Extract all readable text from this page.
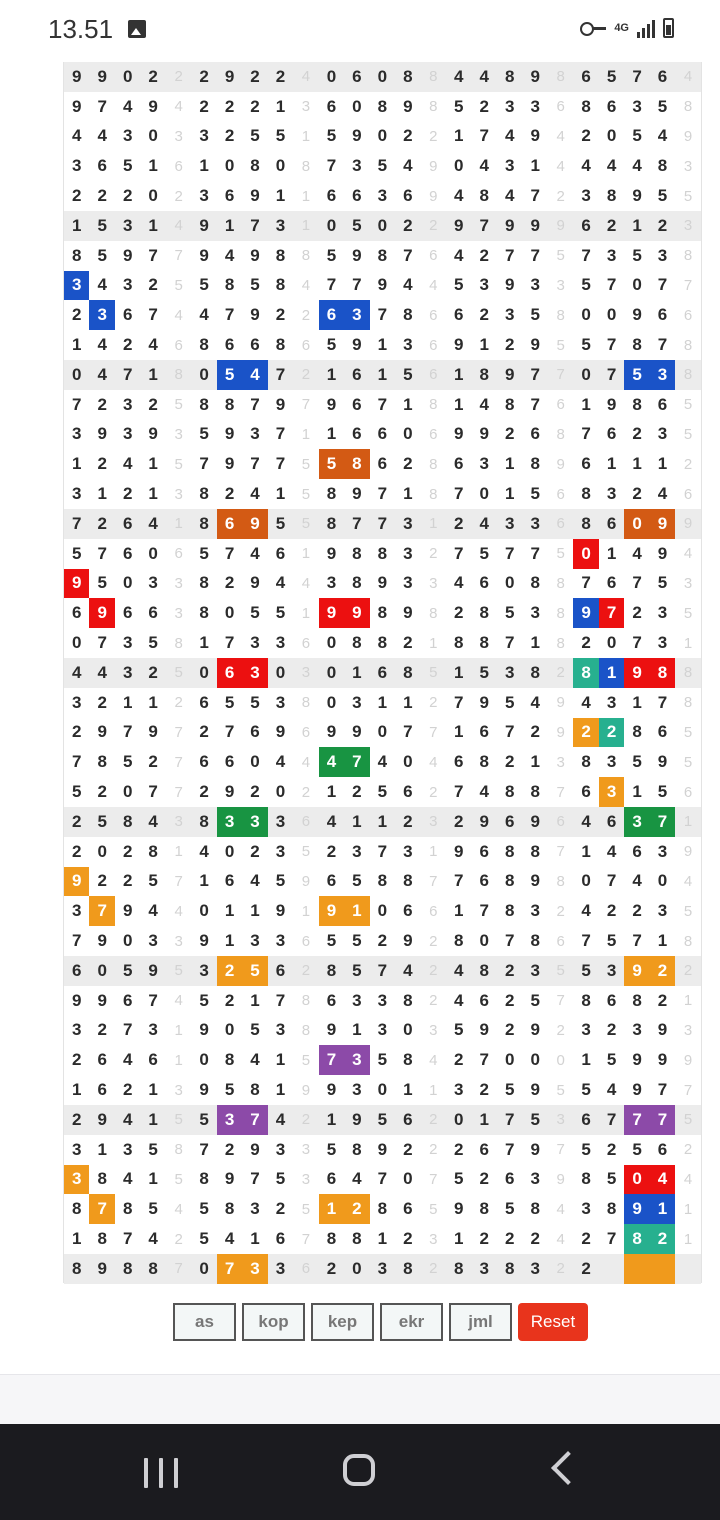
13.51	4G
9 9 0 2	2 2 9 2 2	4 0 6 0 8	8 4 4 8 9	8 6 5 7 6	4
9 7 4 9	4 2 2 2 1	3 6 0 8 9	8 5 2 3 3	6 8 6 3 5	8
4 4 3 0	3 3 2 5 5	1 5 9 0 2	2 1 7 4 9	4 2 0 5 4	9
3 6 5 1	6 1 0 8 0	8 7 3 5 4	9 0 4 3 1	4 4 4 4 8	3
2 2 2 0	2 3 6 9 1	1 6 6 3 6	9 4 8 4 7	2 3 8 9 5	5
1 5 3 1	4 9 1 7 3	1 0 5 0 2	2 9 7 9 9	9 6 2 1 2	3
8 5 9 7	7 9 4 9 8	8 5 9 8 7	6 4 2 7 7	5 7 3 5 3	8
3 4 3 2	5 5 8 5 8	4 7 7 9 4	4 5 3 9 3	3 5 7 0 7	7
2 3 6 7	4 4 7 9 2	2 6 3 7 8	6 6 2 3 5	8 0 0 9 6	6
1 4 2 4	6 8 6 6 8	6 5 9 1 3	6 9 1 2 9	5 5 7 8 7	8
0 4 7 1	8 0 5 4 7	2 1 6 1 5	6 1 8 9 7	7 0 7 5 3	8
7 2 3 2	5 8 8 7 9	7 9 6 7 1	8 1 4 8 7	6 1 9 8 6	5
3 9 3 9	3 5 9 3 7	1 1 6 6 0	6 9 9 2 6	8 7 6 2 3	5
1 2 4 1	5 7 9 7 7	5 5 8 6 2	8 6 3 1 8	9 6 1 1 1	2
3 1 2 1	3 8 2 4 1	5 8 9 7 1	8 7 0 1 5	6 8 3 2 4	6
7 2 6 4	1 8 6 9 5	5 8 7 7 3	1 2 4 3 3	6 8 6 0 9	9
5 7 6 0	6 5 7 4 6	1 9 8 8 3	2 7 5 7 7	5 0 1 4 9	4
9 5 0 3	3 8 2 9 4	4 3 8 9 3	3 4 6 0 8	8 7 6 7 5	3
6 9 6 6	3 8 0 5 5	1 9 9 8 9	8 2 8 5 3	8 9 7 2 3	5
0 7 3 5	8 1 7 3 3	6 0 8 8 2	1 8 8 7 1	8 2 0 7 3	1
4 4 3 2	5 0 6 3 0	3 0 1 6 8	5 1 5 3 8	2 8 1 9 8	8
3 2 1 1	2 6 5 5 3	8 0 3 1 1	2 7 9 5 4	9 4 3 1 7	8
2 9 7 9	7 2 7 6 9	6 9 9 0 7	7 1 6 7 2	9 2 2 8 6	5
7 8 5 2	7 6 6 0 4	4 4 7 4 0	4 6 8 2 1	3 8 3 5 9	5
5 2 0 7	7 2 9 2 0	2 1 2 5 6	2 7 4 8 8	7 6 3 1 5	6
2 5 8 4	3 8 3 3 3	6 4 1 1 2	3 2 9 6 9	6 4 6 3 7	1
2 0 2 8	1 4 0 2 3	5 2 3 7 3	1 9 6 8 8	7 1 4 6 3	9
9 2 2 5	7 1 6 4 5	9 6 5 8 8	7 7 6 8 9	8 0 7 4 0	4
3 7 9 4	4 0 1 1 9	1 9 1 0 6	6 1 7 8 3	2 4 2 2 3	5
7 9 0 3	3 9 1 3 3	6 5 5 2 9	2 8 0 7 8	6 7 5 7 1	8
6 0 5 9	5 3 2 5 6	2 8 5 7 4	2 4 8 2 3	5 5 3 9 2	2
9 9 6 7	4 5 2 1 7	8 6 3 3 8	2 4 6 2 5	7 8 6 8 2	1
3 2 7 3	1 9 0 5 3	8 9 1 3 0	3 5 9 2 9	2 3 2 3 9	3
2 6 4 6	1 0 8 4 1	5 7 3 5 8	4 2 7 0 0	0 1 5 9 9	9
1 6 2 1	3 9 5 8 1	9 9 3 0 1	1 3 2 5 9	5 5 4 9 7	7
2 9 4 1	5 5 3 7 4	2 1 9 5 6	2 0 1 7 5	3 6 7 7 7	5
3 1 3 5	8 7 2 9 3	3 5 8 9 2	2 2 6 7 9	7 5 2 5 6	2
3 8 4 1	5 8 9 7 5	3 6 4 7 0	7 5 2 6 3	9 8 5 0 4	4
8 7 8 5	4 5 8 3 2	5 1 2 8 6	5 9 8 5 8	4 3 8 9 1	1
1 8 7 4	2 5 4 1 6	7 8 8 1 2	3 1 2 2 2	4 2 7 8 2	1
8 9 8 8	7 0 7 3 3	6 2 0 3 8	2 8 3 8 3	2 2
as	kop	kep	ekr	jml	Reset
